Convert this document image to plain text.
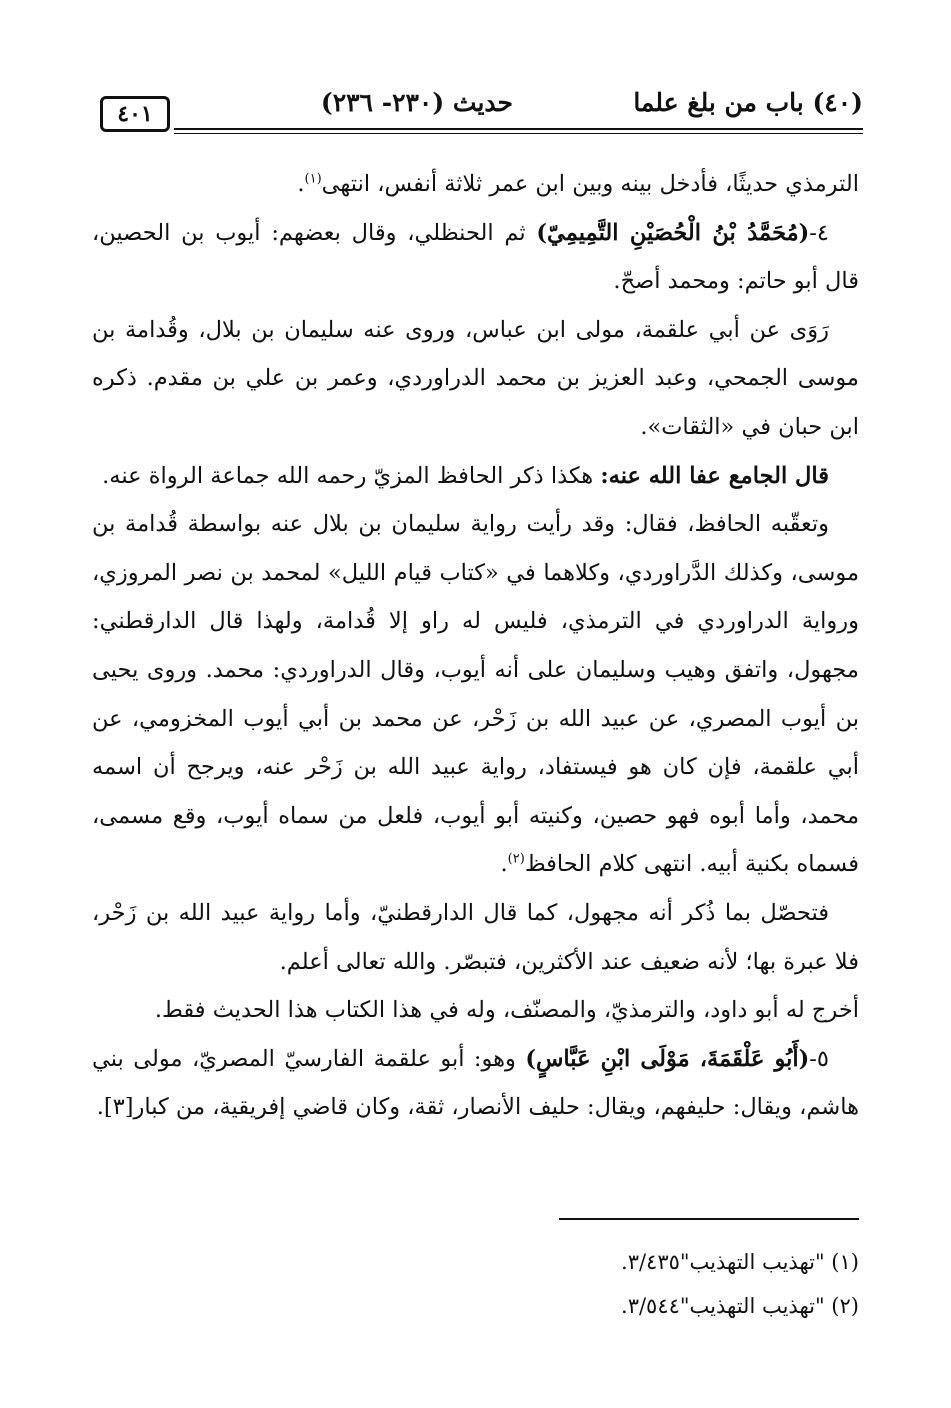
(٤٠) باب من بلغ علما
حديث (٢٣٠- ٢٣٦)
٤٠١

الترمذي حديثًا، فأدخل بينه وبين ابن عمر ثلاثة أنفس، انتهى$^{(١)}$.

٤-(مُحَمَّدُ بْنُ الْحُصَيْنِ التَّمِيمِيّ) ثم الحنظلي، وقال بعضهم: أيوب بن الحصين، قال أبو حاتم: ومحمد أصحّ.

رَوَى عن أبي علقمة، مولى ابن عباس، وروى عنه سليمان بن بلال، وقُدامة بن موسى الجمحي، وعبد العزيز بن محمد الدراوردي، وعمر بن علي بن مقدم. ذكره ابن حبان في «الثقات».

قال الجامع عفا الله عنه: هكذا ذكر الحافظ المزيّ رحمه الله جماعة الرواة عنه.

وتعقّبه الحافظ، فقال: وقد رأيت رواية سليمان بن بلال عنه بواسطة قُدامة بن موسى، وكذلك الدَّراوردي، وكلاهما في «كتاب قيام الليل» لمحمد بن نصر المروزي، ورواية الدراوردي في الترمذي، فليس له راو إلا قُدامة، ولهذا قال الدارقطني: مجهول، واتفق وهيب وسليمان على أنه أيوب، وقال الدراوردي: محمد. وروى يحيى بن أيوب المصري، عن عبيد الله بن زَحْر، عن محمد بن أبي أيوب المخزومي، عن أبي علقمة، فإن كان هو فيستفاد، رواية عبيد الله بن زَحْر عنه، ويرجح أن اسمه محمد، وأما أبوه فهو حصين، وكنيته أبو أيوب، فلعل من سماه أيوب، وقع مسمى، فسماه بكنية أبيه. انتهى كلام الحافظ$^{(٢)}$.

فتحصّل بما ذُكر أنه مجهول، كما قال الدارقطنيّ، وأما رواية عبيد الله بن زَحْر، فلا عبرة بها؛ لأنه ضعيف عند الأكثرين، فتبصّر. والله تعالى أعلم.

أخرج له أبو داود، والترمذيّ، والمصنّف، وله في هذا الكتاب هذا الحديث فقط.

٥-(أَبُو عَلْقَمَةَ، مَوْلَى ابْنِ عَبَّاسٍ) وهو: أبو علقمة الفارسيّ المصريّ، مولى بني هاشم، ويقال: حليفهم، ويقال: حليف الأنصار، ثقة، وكان قاضي إفريقية، من كبار[٣].

(١) "تهذيب التهذيب"٣/٤٣٥.

(٢) "تهذيب التهذيب"٣/٥٤٤.
